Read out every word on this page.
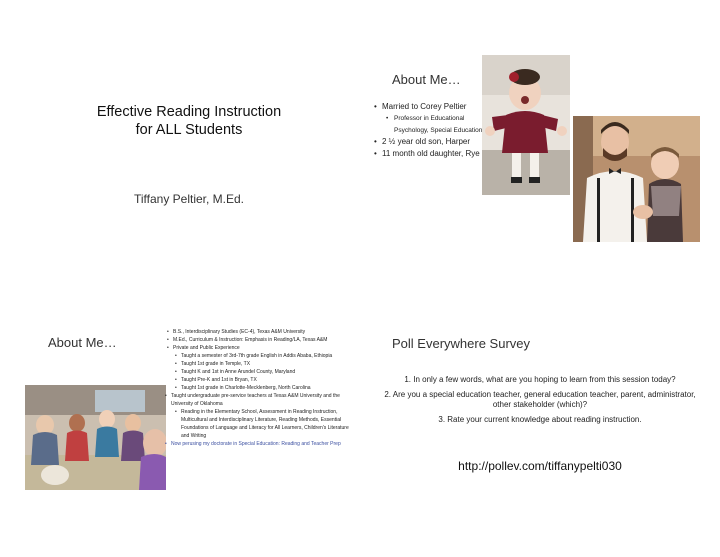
Effective Reading Instruction
for ALL Students
Tiffany Peltier, M.Ed.
About Me…
• Married to Corey Peltier
• Professor in Educational Psychology, Special Education
• 2 ½ year old son, Harper
• 11 month old daughter, Rye
About Me…
• B.S., Interdisciplinary Studies (EC-4), Texas A&M University
• M.Ed., Curriculum & Instruction: Emphasis in Reading/LA, Texas A&M
• Private and Public Experience
• Taught a semester of 3rd-7th grade English in Addis Ababa, Ethiopia
• Taught 1st grade in Temple, TX
• Taught K and 1st in Anne Arundel County, Maryland
• Taught Pre-K and 1st in Bryan, TX
• Taught 1st grade in Charlotte-Mecklenberg, North Carolina
• Taught undergraduate pre-service teachers at Texas A&M University and the University of Oklahoma
• Reading in the Elementary School, Assessment in Reading Instruction, Multicultural and Interdisciplinary Literature, Reading Methods, Essential Foundations of Language and Literacy for All Learners, Children's Literature and Writing
• Now perusing my doctorate in Special Education: Reading and Teacher Prep
Poll Everywhere Survey
1. In only a few words, what are you hoping to learn from this session today?
2. Are you a special education teacher, general education teacher, parent, administrator, other stakeholder (which)?
3. Rate your current knowledge about reading instruction.
http://pollev.com/tiffanypelti030
